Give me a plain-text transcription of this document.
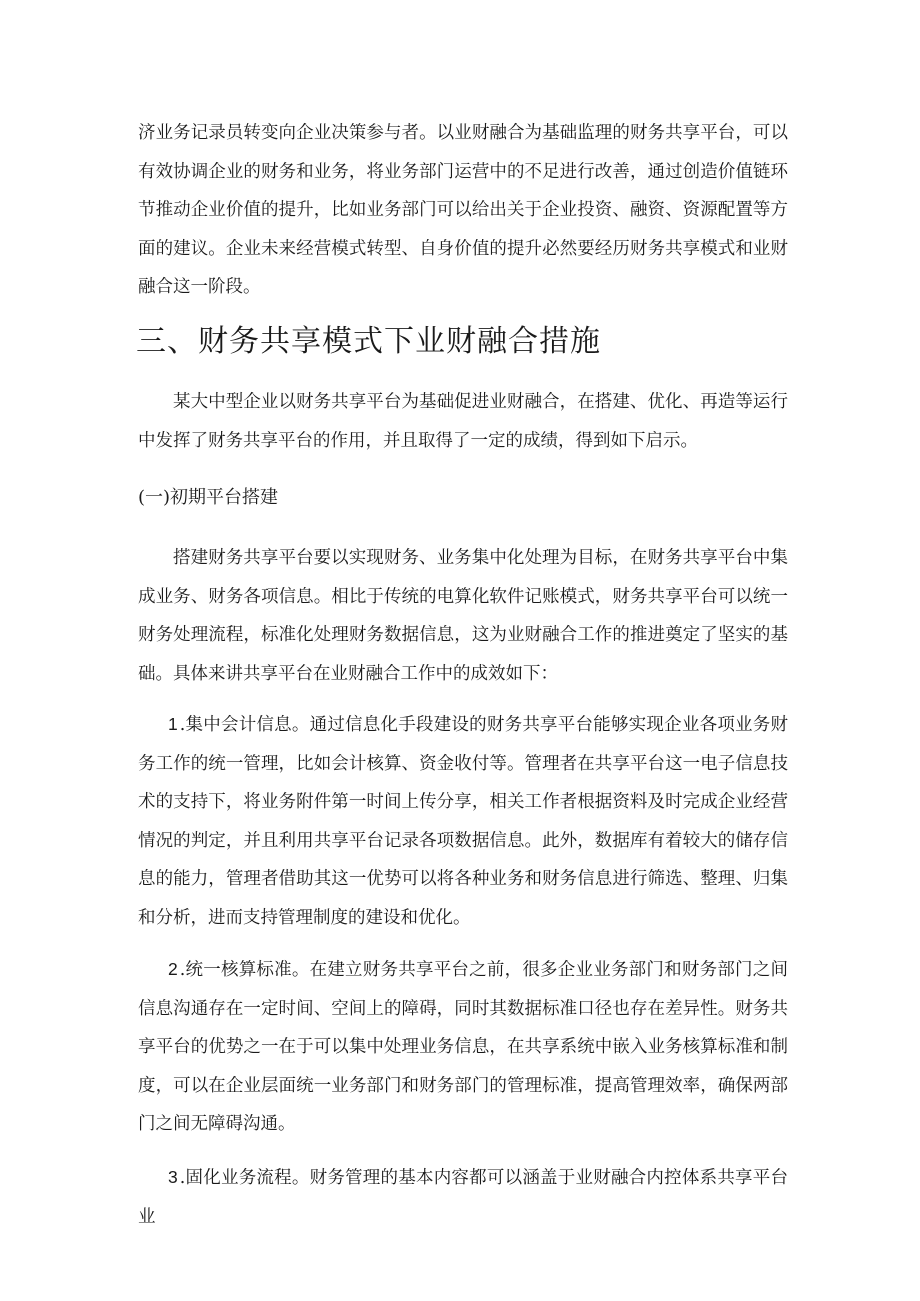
济业务记录员转变向企业决策参与者。以业财融合为基础监理的财务共享平台，可以有效协调企业的财务和业务，将业务部门运营中的不足进行改善，通过创造价值链环节推动企业价值的提升，比如业务部门可以给出关于企业投资、融资、资源配置等方面的建议。企业未来经营模式转型、自身价值的提升必然要经历财务共享模式和业财融合这一阶段。

三、财务共享模式下业财融合措施

某大中型企业以财务共享平台为基础促进业财融合，在搭建、优化、再造等运行中发挥了财务共享平台的作用，并且取得了一定的成绩，得到如下启示。

(一)初期平台搭建

搭建财务共享平台要以实现财务、业务集中化处理为目标，在财务共享平台中集成业务、财务各项信息。相比于传统的电算化软件记账模式，财务共享平台可以统一财务处理流程，标准化处理财务数据信息，这为业财融合工作的推进奠定了坚实的基础。具体来讲共享平台在业财融合工作中的成效如下：

1 .集中会计信息。通过信息化手段建设的财务共享平台能够实现企业各项业务财务工作的统一管理，比如会计核算、资金收付等。管理者在共享平台这一电子信息技术的支持下，将业务附件第一时间上传分享，相关工作者根据资料及时完成企业经营情况的判定，并且利用共享平台记录各项数据信息。此外，数据库有着较大的储存信息的能力，管理者借助其这一优势可以将各种业务和财务信息进行筛选、整理、归集和分析，进而支持管理制度的建设和优化。

2 .统一核算标准。在建立财务共享平台之前，很多企业业务部门和财务部门之间信息沟通存在一定时间、空间上的障碍，同时其数据标准口径也存在差异性。财务共享平台的优势之一在于可以集中处理业务信息，在共享系统中嵌入业务核算标准和制度，可以在企业层面统一业务部门和财务部门的管理标准，提高管理效率，确保两部门之间无障碍沟通。

3 .固化业务流程。财务管理的基本内容都可以涵盖于业财融合内控体系共享平台业
